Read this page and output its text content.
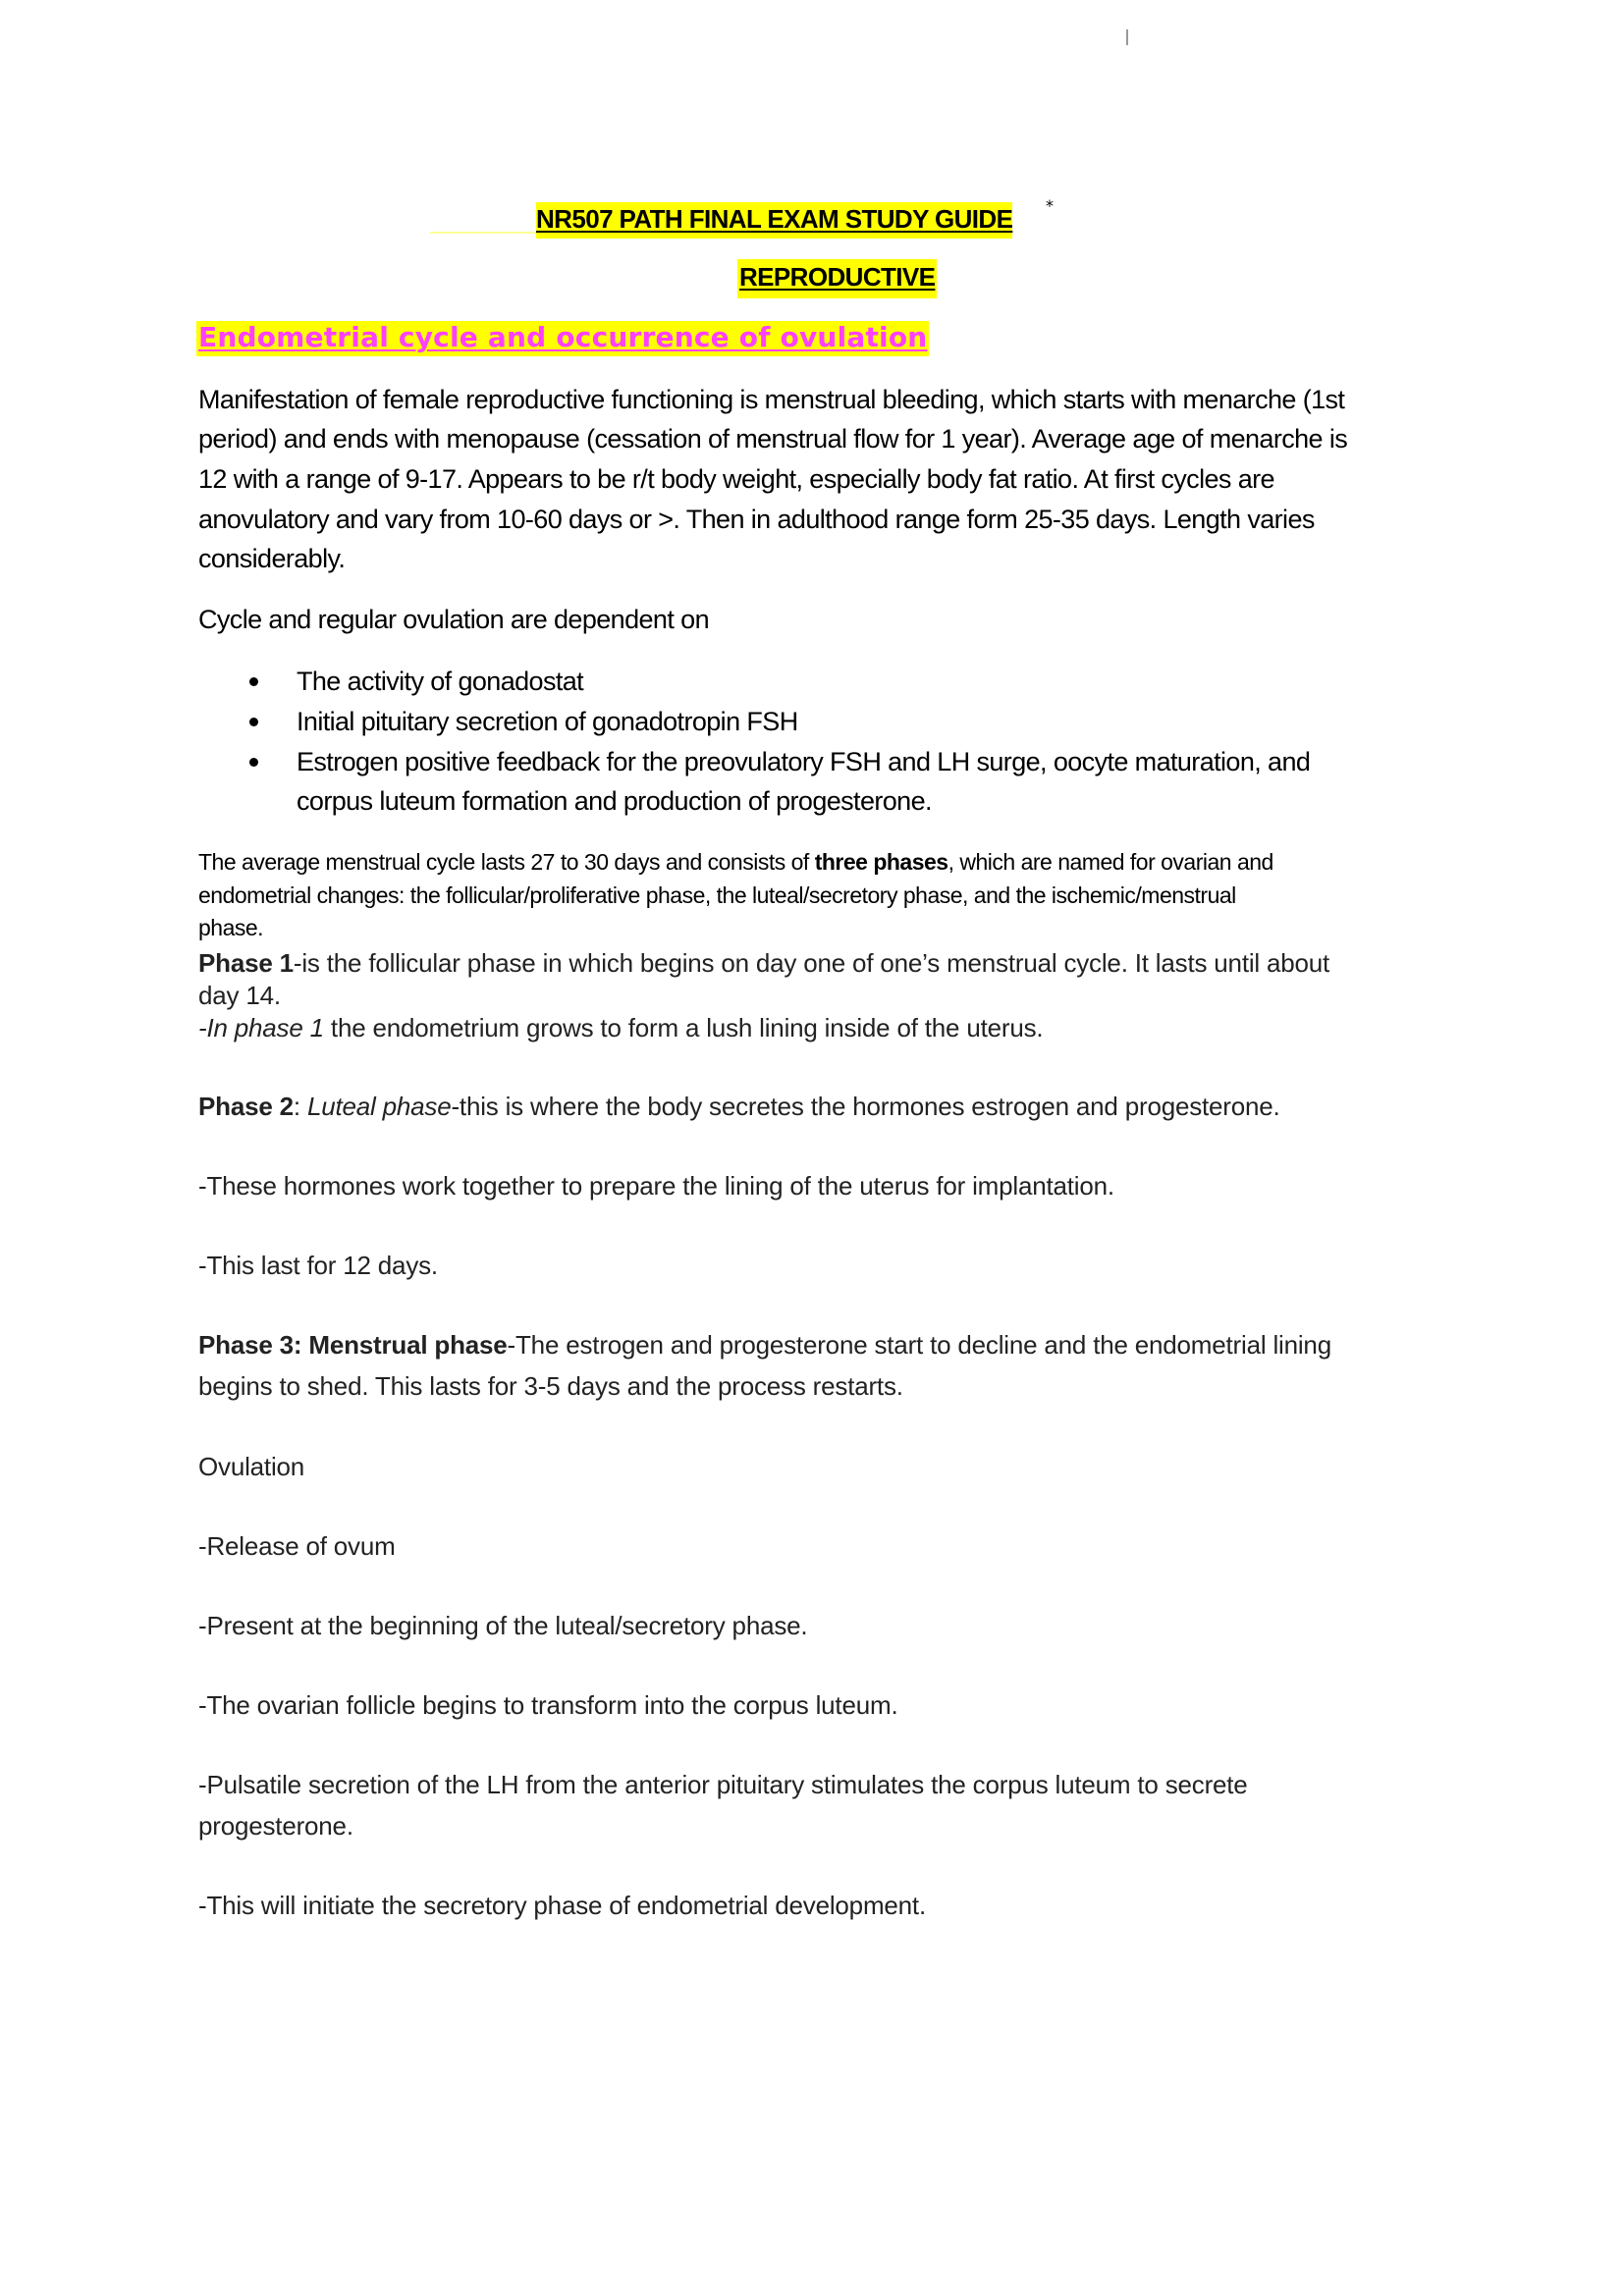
NR507 PATH FINAL EXAM STUDY GUIDE *
REPRODUCTIVE
Endometrial cycle and occurrence of ovulation
Manifestation of female reproductive functioning is menstrual bleeding, which starts with menarche (1st
period) and ends with menopause (cessation of menstrual flow for 1 year). Average age of menarche is
12 with a range of 9-17. Appears to be r/t body weight, especially body fat ratio. At first cycles are
anovulatory and vary from 10-60 days or >. Then in adulthood range form 25-35 days. Length varies
considerably.
Cycle and regular ovulation are dependent on
The activity of gonadostat
Initial pituitary secretion of gonadotropin FSH
Estrogen positive feedback for the preovulatory FSH and LH surge, oocyte maturation, and
corpus luteum formation and production of progesterone.
The average menstrual cycle lasts 27 to 30 days and consists of three phases, which are named for ovarian and
endometrial changes: the follicular/proliferative phase, the luteal/secretory phase, and the ischemic/menstrual
phase.
Phase 1-is the follicular phase in which begins on day one of one’s menstrual cycle. It lasts until about
day 14.
-In phase 1 the endometrium grows to form a lush lining inside of the uterus.
Phase 2: Luteal phase-this is where the body secretes the hormones estrogen and progesterone.
-These hormones work together to prepare the lining of the uterus for implantation.
-This last for 12 days.
Phase 3: Menstrual phase-The estrogen and progesterone start to decline and the endometrial lining
begins to shed. This lasts for 3-5 days and the process restarts.
Ovulation
-Release of ovum
-Present at the beginning of the luteal/secretory phase.
-The ovarian follicle begins to transform into the corpus luteum.
-Pulsatile secretion of the LH from the anterior pituitary stimulates the corpus luteum to secrete
progesterone.
-This will initiate the secretory phase of endometrial development.
